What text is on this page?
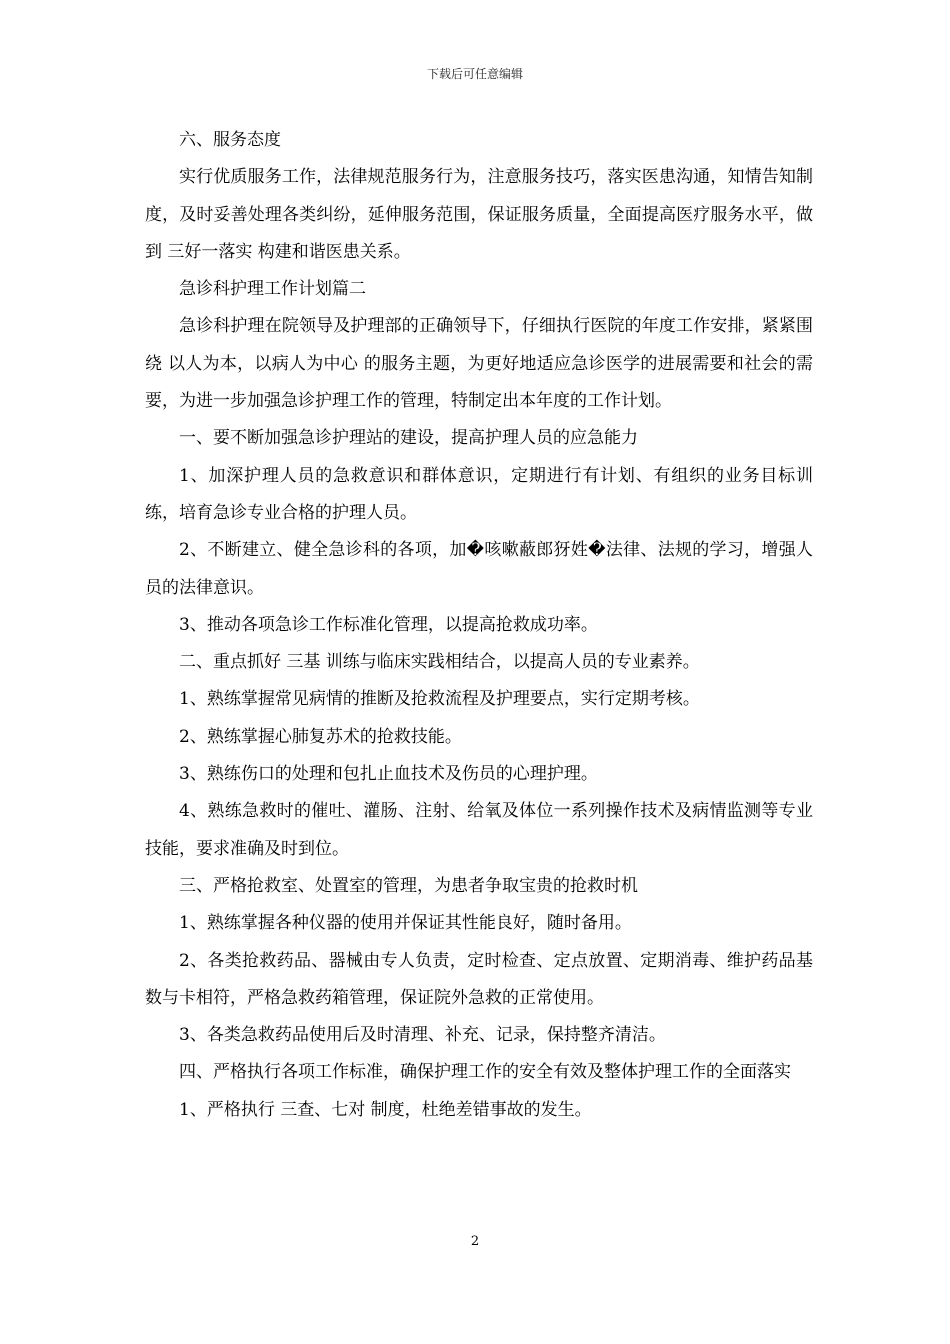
下载后可任意编辑

六、服务态度

实行优质服务工作，法律规范服务行为，注意服务技巧，落实医患沟通，知情告知制度，及时妥善处理各类纠纷，延伸服务范围，保证服务质量，全面提高医疗服务水平，做到 三好一落实 构建和谐医患关系。

急诊科护理工作计划篇二

急诊科护理在院领导及护理部的正确领导下，仔细执行医院的年度工作安排，紧紧围绕 以人为本，以病人为中心 的服务主题，为更好地适应急诊医学的进展需要和社会的需要，为进一步加强急诊护理工作的管理，特制定出本年度的工作计划。

一、要不断加强急诊护理站的建设，提高护理人员的应急能力

1、加深护理人员的急救意识和群体意识，定期进行有计划、有组织的业务目标训练，培育急诊专业合格的护理人员。

2、不断建立、健全急诊科的各项，加�咳嗽蔽郎犽姓�法律、法规的学习，增强人员的法律意识。

3、推动各项急诊工作标准化管理，以提高抢救成功率。

二、重点抓好 三基 训练与临床实践相结合，以提高人员的专业素养。

1、熟练掌握常见病情的推断及抢救流程及护理要点，实行定期考核。

2、熟练掌握心肺复苏术的抢救技能。

3、熟练伤口的处理和包扎止血技术及伤员的心理护理。

4、熟练急救时的催吐、灌肠、注射、给氧及体位一系列操作技术及病情监测等专业技能，要求准确及时到位。

三、严格抢救室、处置室的管理，为患者争取宝贵的抢救时机

1、熟练掌握各种仪器的使用并保证其性能良好，随时备用。

2、各类抢救药品、器械由专人负责，定时检查、定点放置、定期消毒、维护药品基数与卡相符，严格急救药箱管理，保证院外急救的正常使用。

3、各类急救药品使用后及时清理、补充、记录，保持整齐清洁。

四、严格执行各项工作标准，确保护理工作的安全有效及整体护理工作的全面落实

1、严格执行 三查、七对 制度，杜绝差错事故的发生。

2
